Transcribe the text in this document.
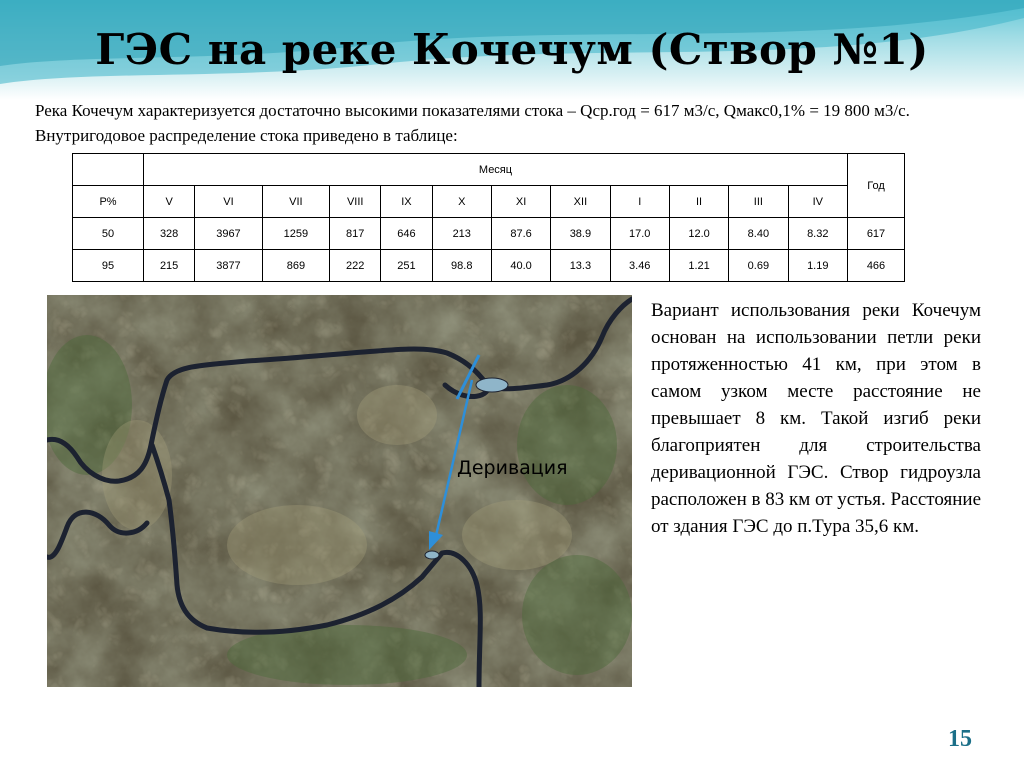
ГЭС на реке Кочечум (Створ №1)
Река Кочечум характеризуется достаточно высокими показателями стока – Qср.год = 617 м3/с, Qмакс0,1% = 19 800 м3/с. Внутригодовое распределение стока приведено в таблице:
	Месяц												Год
P%	V	VI	VII	VIII	IX	X	XI	XII	I	II	III	IV	
50	328	3967	1259	817	646	213	87.6	38.9	17.0	12.0	8.40	8.32	617
95	215	3877	869	222	251	98.8	40.0	13.3	3.46	1.21	0.69	1.19	466
Деривация
Вариант использования реки Кочечум основан на использовании петли реки протяженностью 41 км, при этом в самом узком месте расстояние не превышает 8 км. Такой изгиб реки благоприятен для строительства деривационной ГЭС. Створ гидроузла расположен в 83 км от устья. Расстояние от здания ГЭС до п.Тура 35,6 км.
15
